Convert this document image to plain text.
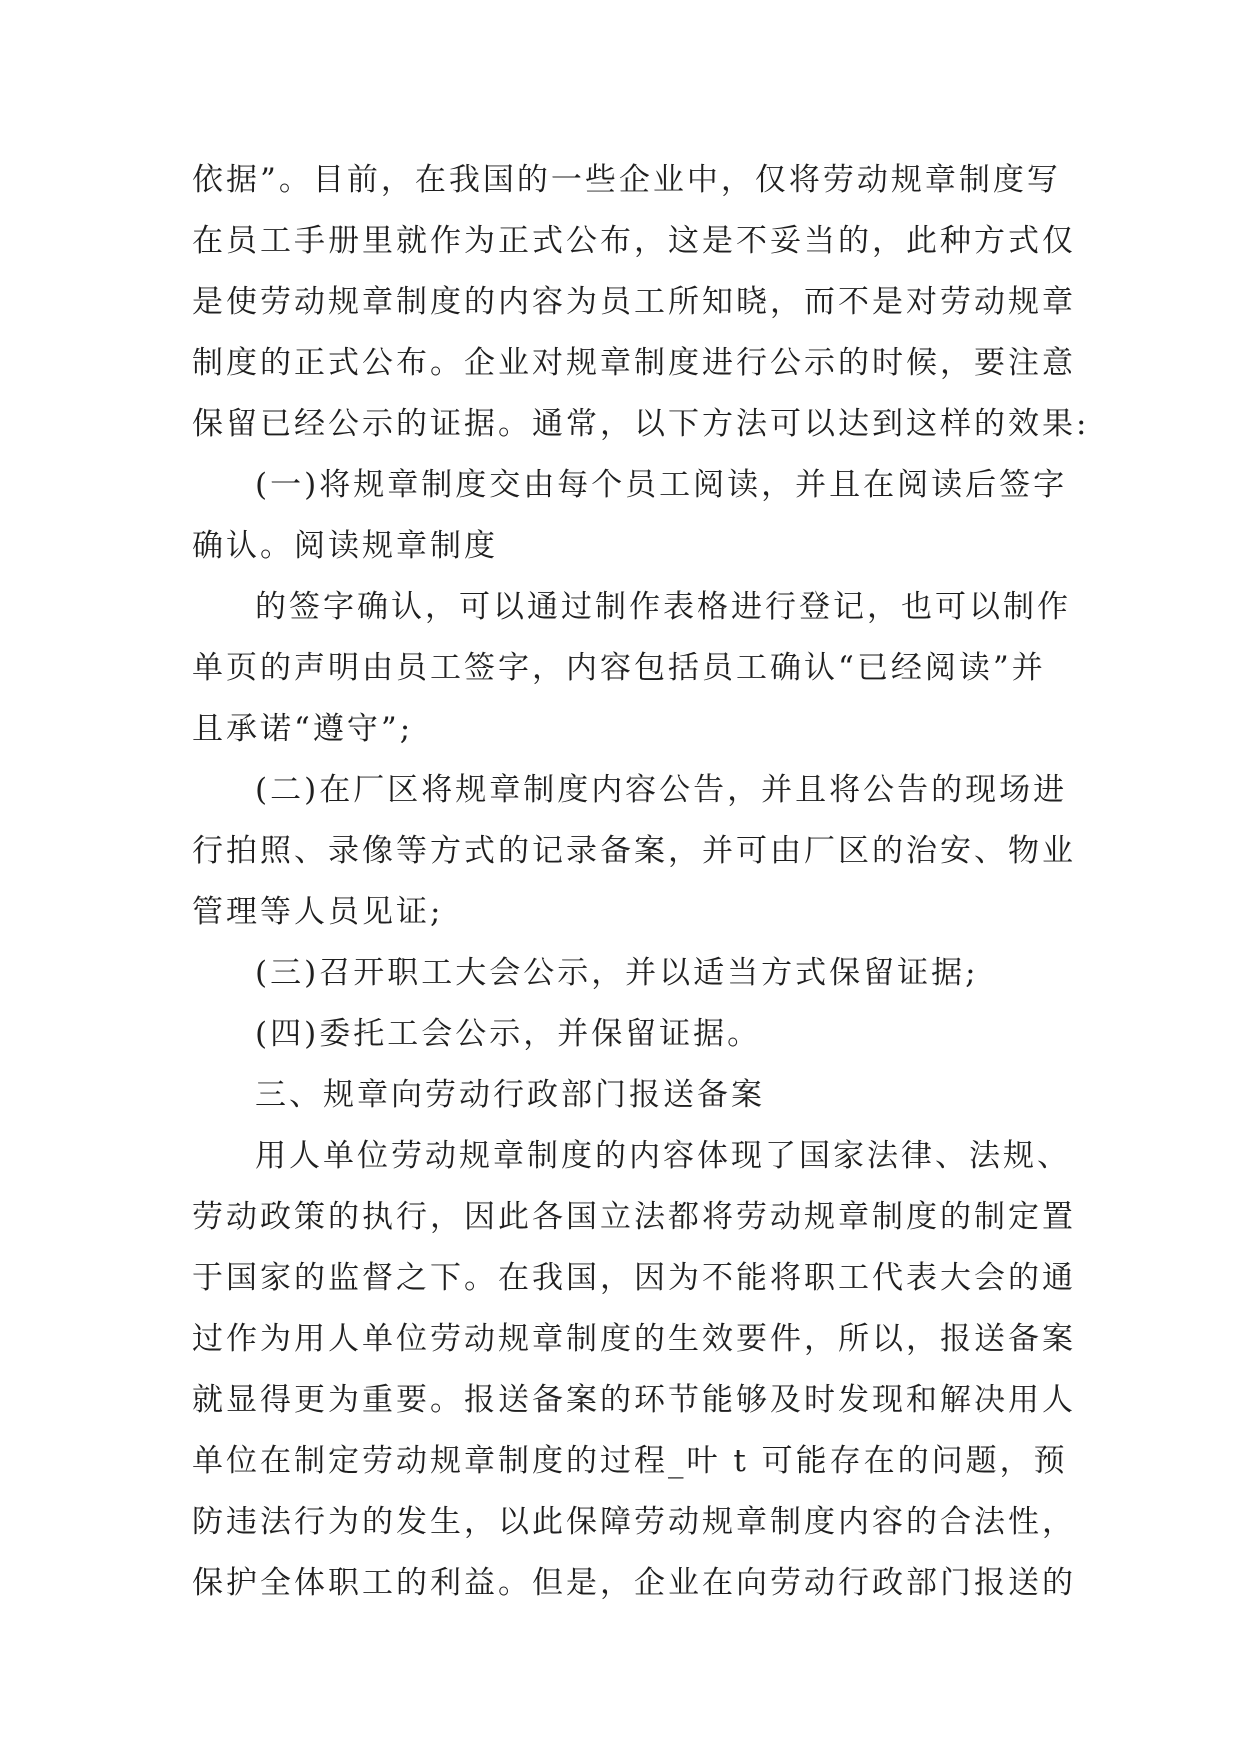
依据”。目前，在我国的一些企业中，仅将劳动规章制度写
在员工手册里就作为正式公布，这是不妥当的，此种方式仅
是使劳动规章制度的内容为员工所知晓，而不是对劳动规章
制度的正式公布。企业对规章制度进行公示的时候，要注意
保留已经公示的证据。通常，以下方法可以达到这样的效果:
(一)将规章制度交由每个员工阅读，并且在阅读后签字
确认。阅读规章制度
的签字确认，可以通过制作表格进行登记，也可以制作
单页的声明由员工签字，内容包括员工确认“已经阅读”并
且承诺“遵守”;
(二)在厂区将规章制度内容公告，并且将公告的现场进
行拍照、录像等方式的记录备案，并可由厂区的治安、物业
管理等人员见证;
(三)召开职工大会公示，并以适当方式保留证据;
(四)委托工会公示，并保留证据。
三、规章向劳动行政部门报送备案
用人单位劳动规章制度的内容体现了国家法律、法规、
劳动政策的执行，因此各国立法都将劳动规章制度的制定置
于国家的监督之下。在我国，因为不能将职工代表大会的通
过作为用人单位劳动规章制度的生效要件，所以，报送备案
就显得更为重要。报送备案的环节能够及时发现和解决用人
单位在制定劳动规章制度的过程_叶 t 可能存在的问题，预
防违法行为的发生，以此保障劳动规章制度内容的合法性，
保护全体职工的利益。但是，企业在向劳动行政部门报送的
